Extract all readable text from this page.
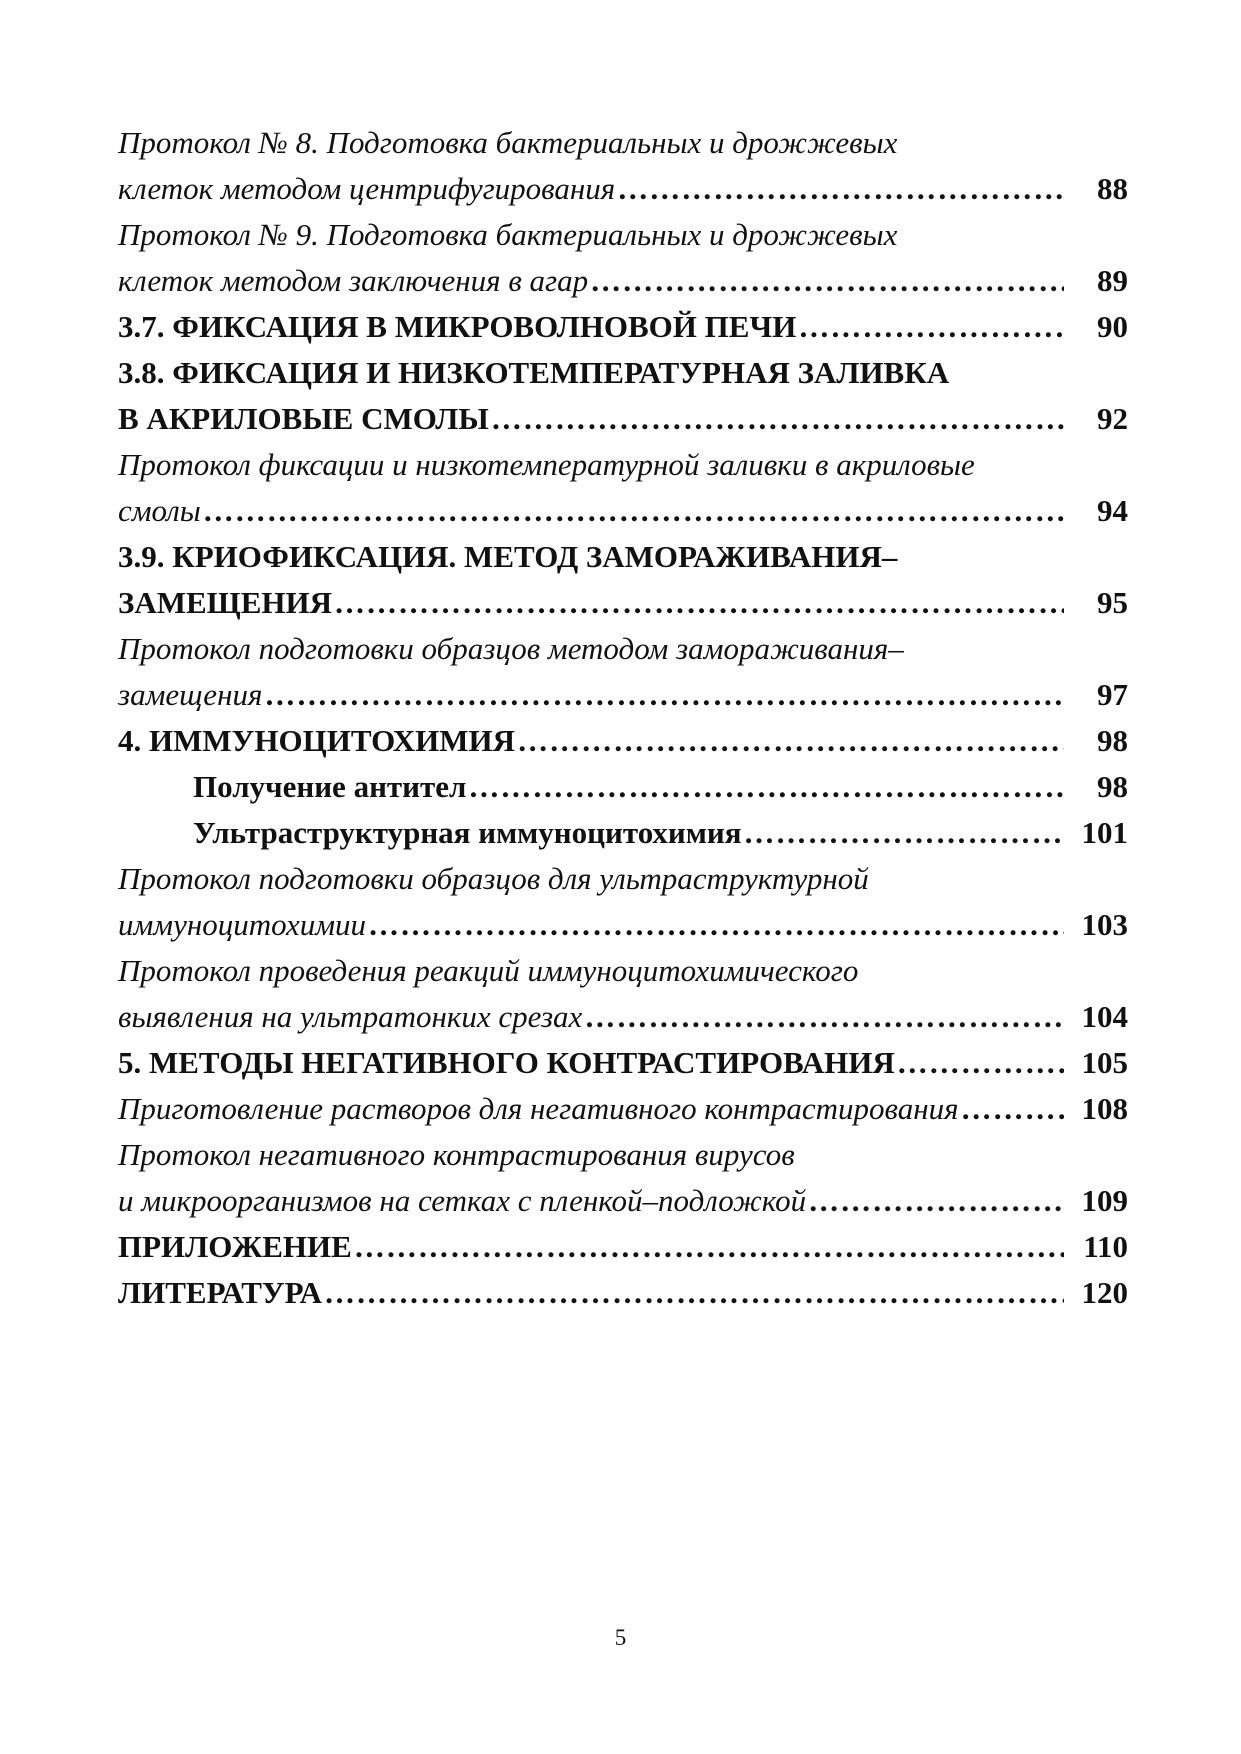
Протокол № 8. Подготовка бактериальных и дрожжевых
клеток методом центрифугирования ………………………………………………………………………………………………………………………………………………	88
Протокол № 9. Подготовка бактериальных и дрожжевых
клеток методом заключения в агар ………………………………………………………………………………………………………………………………………………	89
3.7. ФИКСАЦИЯ В МИКРОВОЛНОВОЙ ПЕЧИ ………………………………………………………………………………………………………………………………………………	90
3.8. ФИКСАЦИЯ И НИЗКОТЕМПЕРАТУРНАЯ ЗАЛИВКА
В АКРИЛОВЫЕ СМОЛЫ ………………………………………………………………………………………………………………………………………………	92
Протокол фиксации и низкотемпературной заливки в акриловые
смолы ………………………………………………………………………………………………………………………………………………	94
3.9. КРИОФИКСАЦИЯ. МЕТОД ЗАМОРАЖИВАНИЯ–
ЗАМЕЩЕНИЯ ………………………………………………………………………………………………………………………………………………	95
Протокол подготовки образцов методом замораживания–
замещения ………………………………………………………………………………………………………………………………………………	97
4. ИММУНОЦИТОХИМИЯ ………………………………………………………………………………………………………………………………………………	98
Получение антител ………………………………………………………………………………………………………………………………………………	98
Ультраструктурная иммуноцитохимия ………………………………………………………………………………………………………………………………………………	101
Протокол подготовки образцов для ультраструктурной
иммуноцитохимии ………………………………………………………………………………………………………………………………………………	103
Протокол проведения реакций иммуноцитохимического
выявления на ультратонких срезах ………………………………………………………………………………………………………………………………………………	104
5. МЕТОДЫ НЕГАТИВНОГО КОНТРАСТИРОВАНИЯ ………………………………………………………………………………………………………………………………………………	105
Приготовление растворов для негативного контрастирования ………………………………………………………………………………………………………………………………………………	108
Протокол негативного контрастирования вирусов
и микроорганизмов на сетках с пленкой–подложкой ………………………………………………………………………………………………………………………………………………	109
ПРИЛОЖЕНИЕ ………………………………………………………………………………………………………………………………………………	110
ЛИТЕРАТУРА ………………………………………………………………………………………………………………………………………………	120
5
